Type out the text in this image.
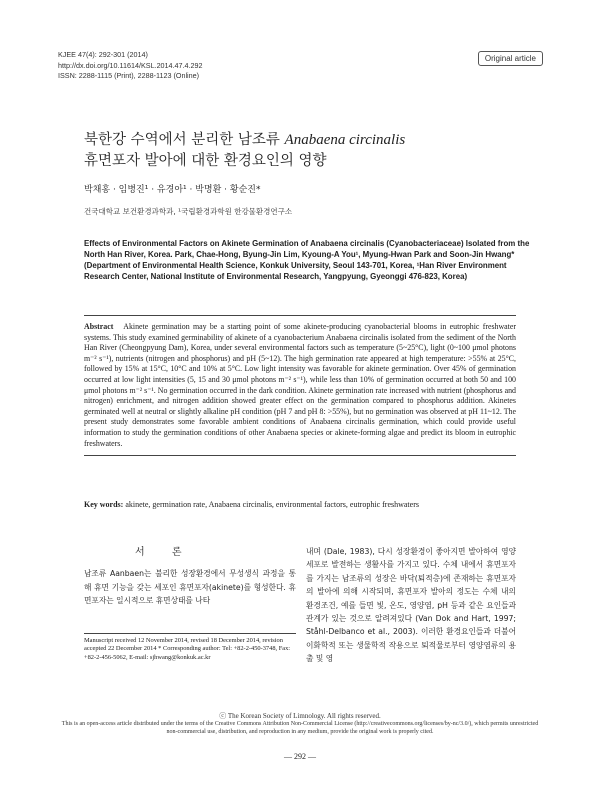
KJEE 47(4): 292-301 (2014)
http://dx.doi.org/10.11614/KSL.2014.47.4.292
ISSN: 2288-1115 (Print), 2288-1123 (Online)
Original article
북한강 수역에서 분리한 남조류 Anabaena circinalis
휴면포자 발아에 대한 환경요인의 영향
박채홍 · 임병진¹ · 유경아¹ · 박명환 · 황순진*
건국대학교 보건환경과학과, ¹국립환경과학원 한강물환경연구소
Effects of Environmental Factors on Akinete Germination of Anabaena circinalis (Cyanobacteriaceae) Isolated from the North Han River, Korea. Park, Chae-Hong, Byung-Jin Lim, Kyoung-A You¹, Myung-Hwan Park and Soon-Jin Hwang* (Department of Environmental Health Science, Konkuk University, Seoul 143-701, Korea, ¹Han River Environment Research Center, National Institute of Environmental Research, Yangpyung, Gyeonggi 476-823, Korea)
Abstract Akinete germination may be a starting point of some akinete-producing cyanobacterial blooms in eutrophic freshwater systems. This study examined germinability of akinete of a cyanobacterium Anabaena circinalis isolated from the sediment of the North Han River (Cheongpyung Dam), Korea, under several environmental factors such as temperature (5~25°C), light (0~100 μmol photons m⁻² s⁻¹), nutrients (nitrogen and phosphorus) and pH (5~12). The high germination rate appeared at high temperature: >55% at 25°C, followed by 15% at 15°C, 10°C and 10% at 5°C. Low light intensity was favorable for akinete germination. Over 45% of germination occurred at low light intensities (5, 15 and 30 μmol photons m⁻² s⁻¹), while less than 10% of germination occurred at both 50 and 100 μmol photons m⁻² s⁻¹. No germination occurred in the dark condition. Akinete germination rate increased with nutrient (phosphorus and nitrogen) enrichment, and nitrogen addition showed greater effect on the germination compared to phosphorus addition. Akinetes germinated well at neutral or slightly alkaline pH condition (pH 7 and pH 8: >55%), but no germination was observed at pH 11~12. The present study demonstrates some favorable ambient conditions of Anabaena circinalis germination, which could provide useful information to study the germination conditions of other Anabaena species or akinete-forming algae and predict its bloom in eutrophic freshwaters.
Key words: akinete, germination rate, Anabaena circinalis, environmental factors, eutrophic freshwaters
서 론
남조류 Aanbaen는 불리한 성장환경에서 무성생식 과정을 통해 휴면 기능을 갖는 세포인 휴면포자(akinete)를 형성한다. 휴면포자는 일시적으로 휴면상태를 나타
내며 (Dale, 1983), 다시 성장환경이 좋아지면 발아하여 영양세포로 발전하는 생활사를 가지고 있다. 수체 내에서 휴면포자를 가지는 남조류의 성장은 바닥(퇴적층)에 존재하는 휴면포자의 발아에 의해 시작되며, 휴면포자 발아의 정도는 수체 내의 환경조건, 예를 들면 빛, 온도, 영양염, pH 등과 같은 요인들과 관계가 있는 것으로 알려져있다 (Van Dok and Hart, 1997; Ståhl-Delbanco et al., 2003). 이러한 환경요인들과 더불어 이화학적 또는 생물학적 작용으로 퇴적물로부터 영양염류의 용출 및 영
Manuscript received 12 November 2014, revised 18 December 2014, revision accepted 22 December 2014 * Corresponding author: Tel: +82-2-450-3748, Fax: +82-2-456-5062, E-mail: sjhwang@konkuk.ac.kr
ⓒ The Korean Society of Limnology. All rights reserved.
This is an open-access article distributed under the terms of the Creative Commons Attribution Non-Commercial License (http://creativecommons.org/licenses/by-nc/3.0/), which permits unrestricted non-commercial use, distribution, and reproduction in any medium, provide the original work is properly cited.
— 292 —
